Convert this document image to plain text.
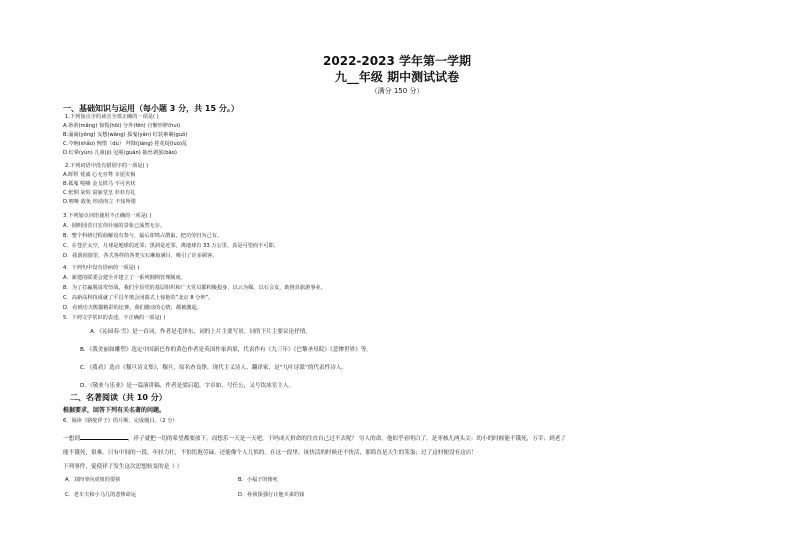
2022-2023 学年第一学期
九__年级 期中测试试卷
（满分 150 分）
一、基础知识与运用（每小题 3 分，共 15 分。）
1.下列加点字的读音全部正确的一项是( )
A.蒂蒂(mǎng) 惊慌(hōi) 分外(fēn) 自惭形秽(huì)
B.涌涌(yǒng) 妄想(wǎng) 孤鬼(yǎn) 红装素裹(guǒ)
C.今晌(shǎo) 惋惜（dù） 拜降(jiàng) 桂花绽(luò)乱
D.红晕(yùn) 儿童(jì) 冠冕(guān) 抽丝剥茧(bāo)
2.下列词语中没有错别字的一项是( )
A.晖煜 忧戚 心无旁骛 幸崖灾祸
B.孤鬼 呢喃 金戈铁马 不可名状
C.怅惘 灰烬 富丽堂皇 杉杉有礼
D.嘻哑 敛免 形消肉立 不知所错
3.下列加点词语使用不正确的一项是( )
A．圆明园昔日宏伟壮丽的景象已荡然无存。
B．整个科研过程曲解没有参与，最后却鸠占鹊巢，把功劳归为己有。
C．在苍茫太空，月球是地球的近邻；黑洞是近邻，离地球有 33 万公里，真是可望而不可即。
D．我游园窗里，各式各样的各类宝石琳琅满目，吸引了许多顾客。
4．下列句中没有语病的一项是( )
A．新建的联委会建全并建立了一系列钢倒管理制度。
B．为了打赢脱贫攻坚战，我们全县党的基层组织和广大党员都积极投身，以云为媒，以石会友，助推县旅游事业。
C．高新高科技成就了平昌冬奥会闭幕式上惊艳的“北京 8 分钟”。
D．看到功夫熊猫精彩的比赛，我们激动的心情，都被激起。
5．下列文学常识的表述，不正确的一项是( )
A．《沁园春·雪》是一首词，作者是毛泽东，词的上片主要写景，词的下片主要议论抒情。
B．《我美丽如雕塑》选定中国新巴作的黄色作者是英国作家西果，代表作有《九三年》《巴黎圣母院》《悲惨世界》等。
C．《我看》选自《穆旦诗文集》，穆旦，原名查良铮，现代主义诗人、翻译家，是“九叶诗派”的代表性诗人。
D．《敬业与乐业》是一篇演讲稿，作者是梁启超，字卓如，号任公，又号饮冰室主人。
二、名著阅读（共 10 分）
根据要求，回答下列有关名著的问题。
6．阅读《骆驼祥子》的片断，完成题目。（2 分）
一想到	，祥子就把一切的希望都要放下，而想乐一天是一天吧，干吗成天拼命的往直自己过不去呢？ 穷人的命，他似乎看明白了，是枣核儿两头尖：幼小的时候能不饿死，万幸；到老了
能不饿死，很难。只有中间的一段，年轻力壮，不怕饥饱劳碌，还能像个人儿似的。在这一段里，该快活的时候还不快活，那简直是天生的笨蛋；过了这村便没有这店！
下列事件，促使祥子发生这次思想转变的是（ ）
A．刘四爷向虎妞的要挟	B．小福子的惨死
C．老车夫和小马儿的悲惨命运	D．孙侦探强行让他买来的钱
